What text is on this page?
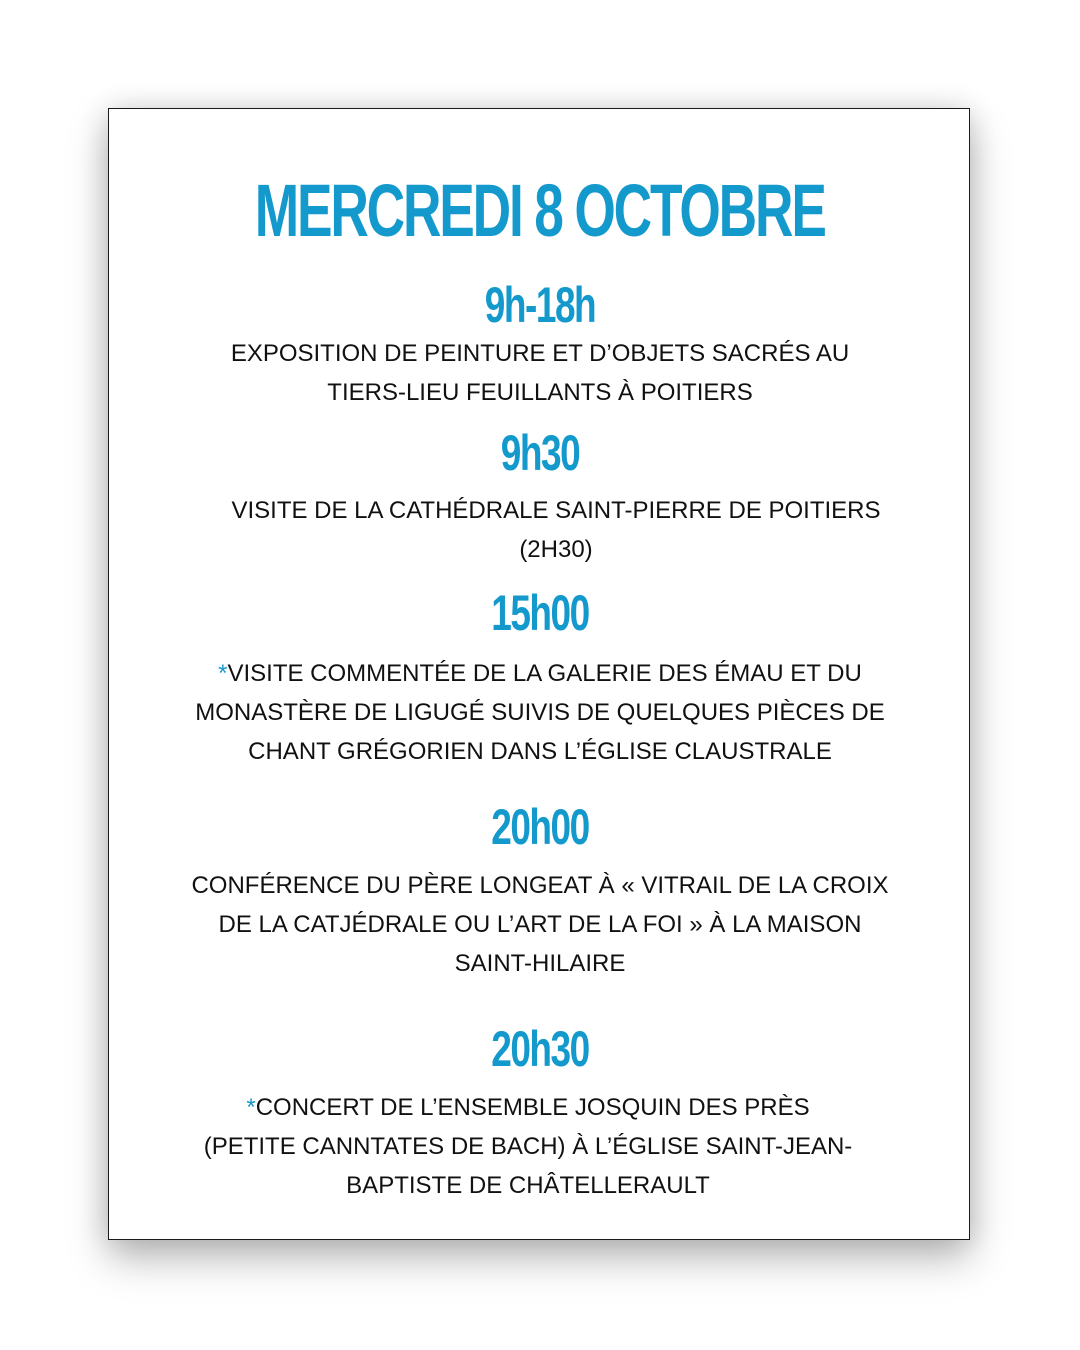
MERCREDI 8 OCTOBRE
9h-18h

EXPOSITION DE PEINTURE ET D’OBJETS SACRÉS AU
TIERS-LIEU FEUILLANTS À POITIERS

9h30

VISITE DE LA CATHÉDRALE SAINT-PIERRE DE POITIERS
(2H30)

15h00

*VISITE COMMENTÉE DE LA GALERIE DES ÉMAU ET DU
MONASTÈRE DE LIGUGÉ SUIVIS DE QUELQUES PIÈCES DE
CHANT GRÉGORIEN DANS L’ÉGLISE CLAUSTRALE

20h00

CONFÉRENCE DU PÈRE LONGEAT À « VITRAIL DE LA CROIX
DE LA CATJÉDRALE OU L’ART DE LA FOI » À LA MAISON
SAINT-HILAIRE

20h30

*CONCERT DE L’ENSEMBLE JOSQUIN DES PRÈS
(PETITE CANNTATES DE BACH) À L’ÉGLISE SAINT-JEAN-
BAPTISTE DE CHÂTELLERAULT
